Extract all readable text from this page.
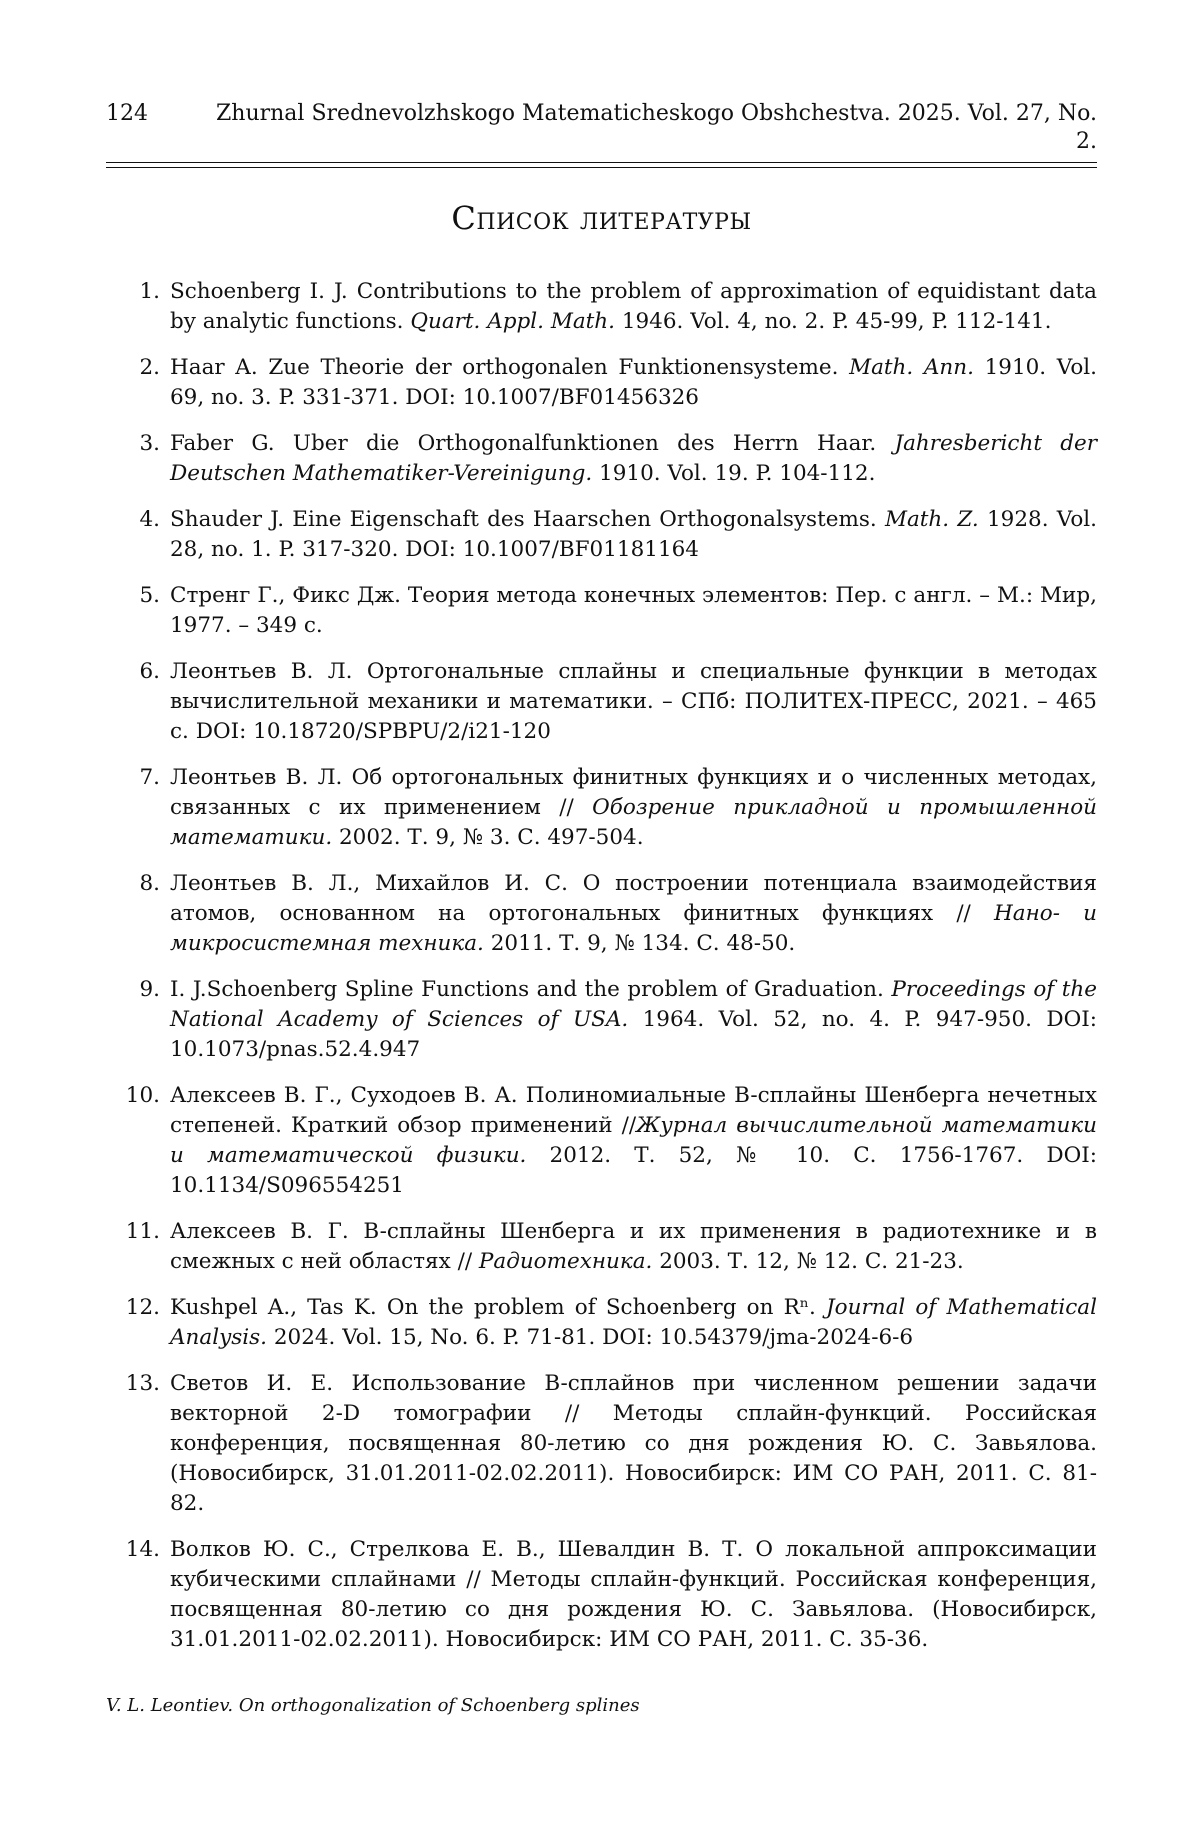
124	Zhurnal Srednevolzhskogo Matematicheskogo Obshchestva. 2025. Vol. 27, No. 2.
Список литературы
1. Schoenberg I. J. Contributions to the problem of approximation of equidistant data by analytic functions. Quart. Appl. Math. 1946. Vol. 4, no. 2. P. 45-99, P. 112-141.
2. Haar A. Zue Theorie der orthogonalen Funktionensysteme. Math. Ann. 1910. Vol. 69, no. 3. P. 331-371. DOI: 10.1007/BF01456326
3. Faber G. Uber die Orthogonalfunktionen des Herrn Haar. Jahresbericht der Deutschen Mathematiker-Vereinigung. 1910. Vol. 19. P. 104-112.
4. Shauder J. Eine Eigenschaft des Haarschen Orthogonalsystems. Math. Z. 1928. Vol. 28, no. 1. P. 317-320. DOI: 10.1007/BF01181164
5. Стренг Г., Фикс Дж. Теория метода конечных элементов: Пер. с англ. – М.: Мир, 1977. – 349 с.
6. Леонтьев В. Л. Ортогональные сплайны и специальные функции в методах вычислительной механики и математики. – СПб: ПОЛИТЕХ-ПРЕСС, 2021. – 465 с. DOI: 10.18720/SPBPU/2/i21-120
7. Леонтьев В. Л. Об ортогональных финитных функциях и о численных методах, связанных с их применением // Обозрение прикладной и промышленной математики. 2002. Т. 9, № 3. С. 497-504.
8. Леонтьев В. Л., Михайлов И. С. О построении потенциала взаимодействия атомов, основанном на ортогональных финитных функциях // Нано- и микросистемная техника. 2011. Т. 9, № 134. С. 48-50.
9. I. J.Schoenberg Spline Functions and the problem of Graduation. Proceedings of the National Academy of Sciences of USA. 1964. Vol. 52, no. 4. P. 947-950. DOI: 10.1073/pnas.52.4.947
10. Алексеев В. Г., Суходоев В. А. Полиномиальные B-сплайны Шенберга нечетных степеней. Краткий обзор применений //Журнал вычислительной математики и математической физики. 2012. Т. 52, № 10. С. 1756-1767. DOI: 10.1134/S096554251
11. Алексеев В. Г. B-сплайны Шенберга и их применения в радиотехнике и в смежных с ней областях // Радиотехника. 2003. Т. 12, № 12. С. 21-23.
12. Kushpel A., Tas K. On the problem of Schoenberg on Rⁿ. Journal of Mathematical Analysis. 2024. Vol. 15, No. 6. P. 71-81. DOI: 10.54379/jma-2024-6-6
13. Светов И. Е. Использование B-сплайнов при численном решении задачи векторной 2-D томографии // Методы сплайн-функций. Российская конференция, посвященная 80-летию со дня рождения Ю. С. Завьялова. (Новосибирск, 31.01.2011-02.02.2011). Новосибирск: ИМ СО РАН, 2011. С. 81-82.
14. Волков Ю. С., Стрелкова Е. В., Шевалдин В. Т. О локальной аппроксимации кубическими сплайнами // Методы сплайн-функций. Российская конференция, посвященная 80-летию со дня рождения Ю. С. Завьялова. (Новосибирск, 31.01.2011-02.02.2011). Новосибирск: ИМ СО РАН, 2011. С. 35-36.
V. L. Leontiev. On orthogonalization of Schoenberg splines
